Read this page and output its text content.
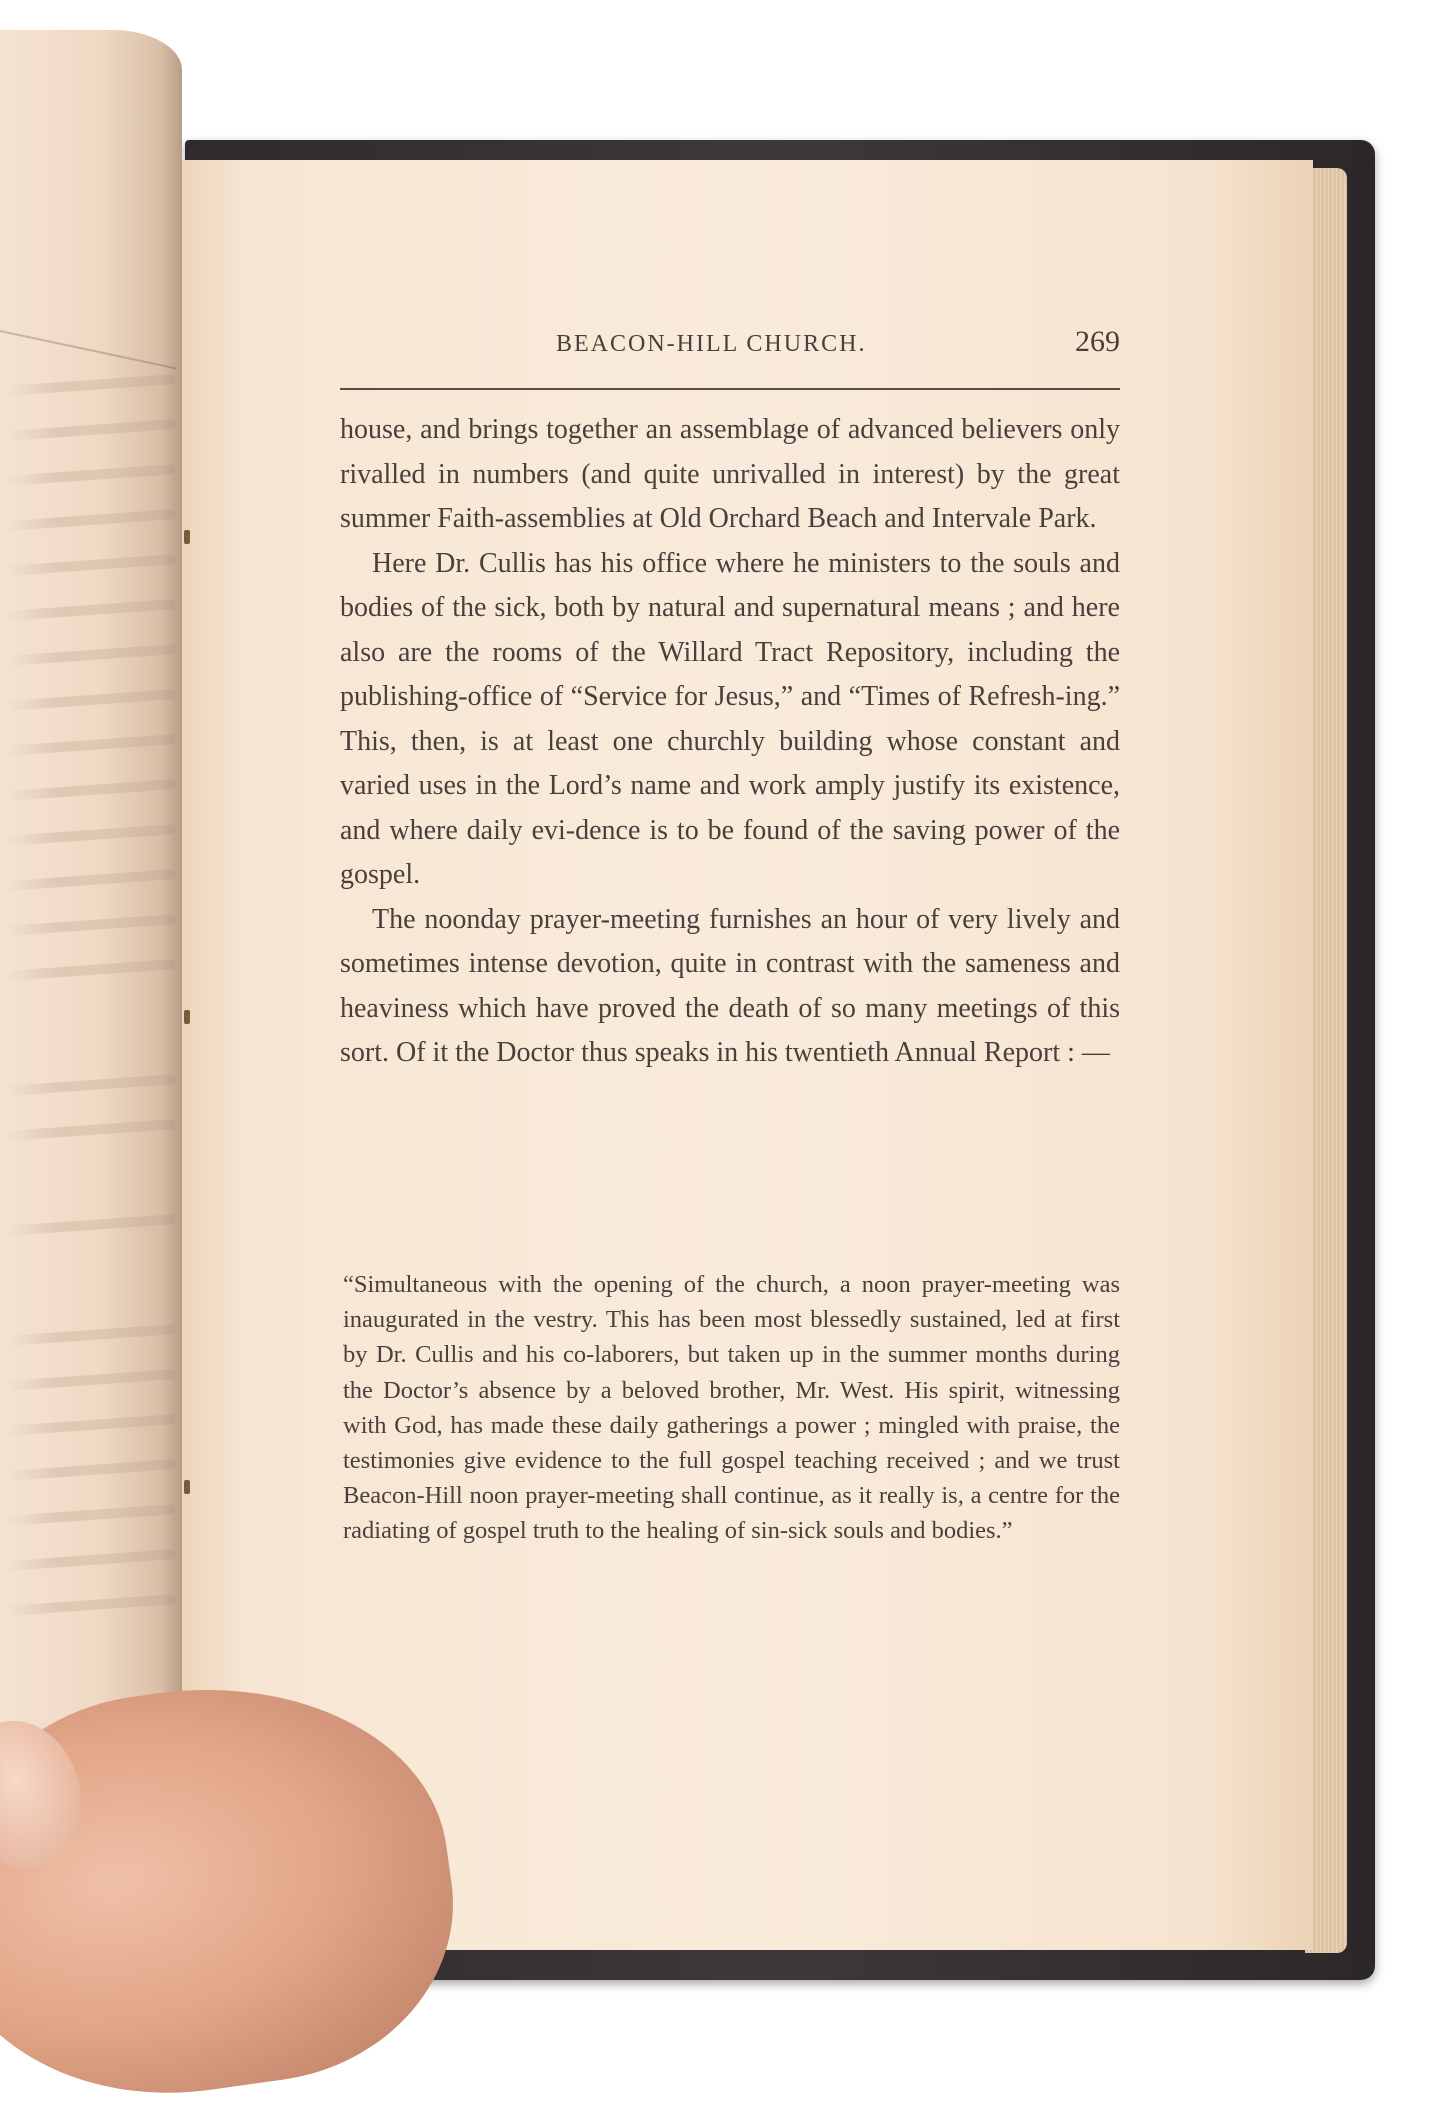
BEACON-HILL CHURCH.	269

house, and brings together an assemblage of advanced believers only rivalled in numbers (and quite unrivalled in interest) by the great summer Faith-assemblies at Old Orchard Beach and Intervale Park.

Here Dr. Cullis has his office where he ministers to the souls and bodies of the sick, both by natural and supernatural means ; and here also are the rooms of the Willard Tract Repository, including the publishing-office of “Service for Jesus,” and “Times of Refresh-ing.” This, then, is at least one churchly building whose constant and varied uses in the Lord’s name and work amply justify its existence, and where daily evi-dence is to be found of the saving power of the gospel.

The noonday prayer-meeting furnishes an hour of very lively and sometimes intense devotion, quite in contrast with the sameness and heaviness which have proved the death of so many meetings of this sort. Of it the Doctor thus speaks in his twentieth Annual Report : —

“Simultaneous with the opening of the church, a noon prayer-meeting was inaugurated in the vestry. This has been most blessedly sustained, led at first by Dr. Cullis and his co-laborers, but taken up in the summer months during the Doctor’s absence by a beloved brother, Mr. West. His spirit, witnessing with God, has made these daily gatherings a power ; mingled with praise, the testimonies give evidence to the full gospel teaching received ; and we trust Beacon-Hill noon prayer-meeting shall continue, as it really is, a centre for the radiating of gospel truth to the healing of sin-sick souls and bodies.”
